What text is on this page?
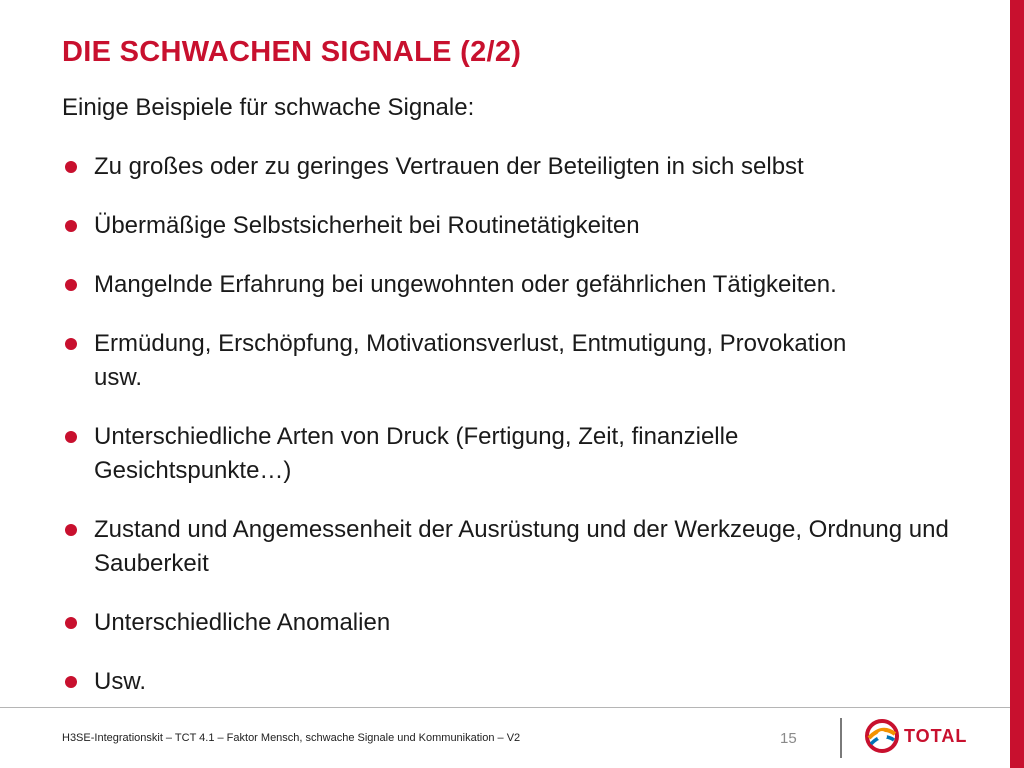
DIE SCHWACHEN SIGNALE (2/2)
Einige Beispiele für schwache Signale:
Zu großes oder zu geringes Vertrauen der Beteiligten in sich selbst
Übermäßige Selbstsicherheit bei Routinetätigkeiten
Mangelnde Erfahrung bei ungewohnten oder gefährlichen Tätigkeiten.
Ermüdung, Erschöpfung, Motivationsverlust, Entmutigung, Provokation usw.
Unterschiedliche Arten von Druck (Fertigung, Zeit, finanzielle Gesichtspunkte…)
Zustand und Angemessenheit der Ausrüstung und der Werkzeuge, Ordnung und Sauberkeit
Unterschiedliche Anomalien
Usw.
H3SE-Integrationskit – TCT 4.1 – Faktor Mensch, schwache Signale und Kommunikation – V2	15	TOTAL
